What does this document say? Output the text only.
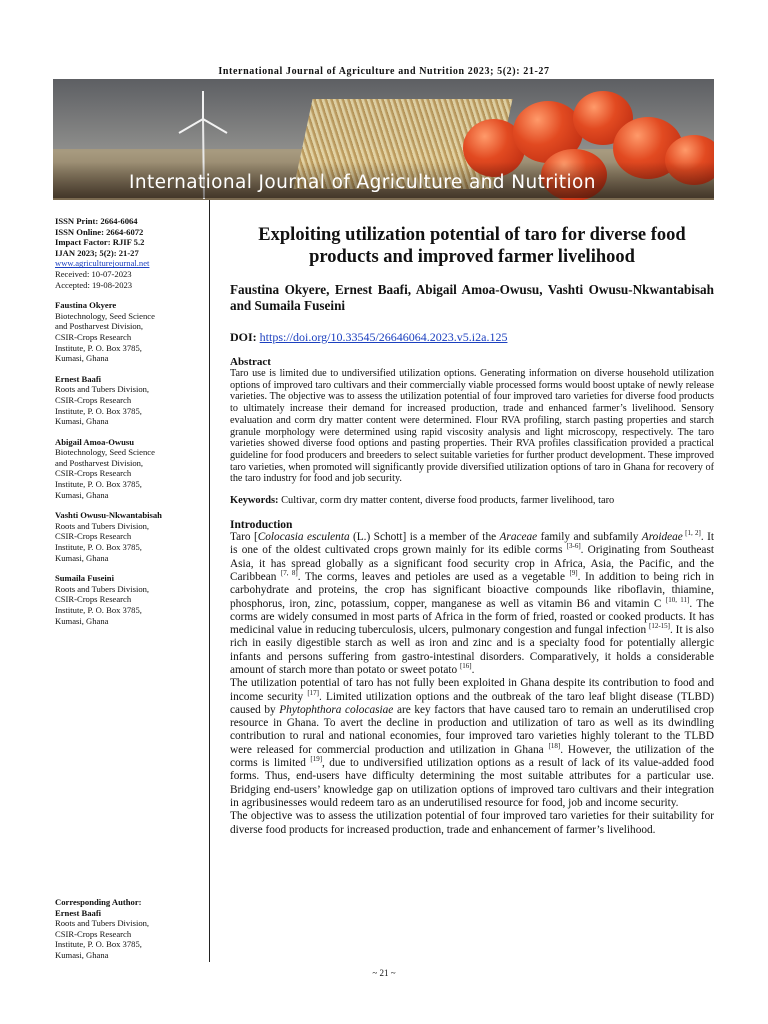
International Journal of Agriculture and Nutrition 2023; 5(2): 21-27
International Journal of Agriculture and Nutrition
ISSN Print: 2664-6064
ISSN Online: 2664-6072
Impact Factor: RJIF 5.2
IJAN 2023; 5(2): 21-27
www.agriculturejournal.net
Received: 10-07-2023
Accepted: 19-08-2023
Faustina Okyere
Biotechnology, Seed Science
and Postharvest Division,
CSIR-Crops Research
Institute, P. O. Box 3785,
Kumasi, Ghana
Ernest Baafi
Roots and Tubers Division,
CSIR-Crops Research
Institute, P. O. Box 3785,
Kumasi, Ghana
Abigail Amoa-Owusu
Biotechnology, Seed Science
and Postharvest Division,
CSIR-Crops Research
Institute, P. O. Box 3785,
Kumasi, Ghana
Vashti Owusu-Nkwantabisah
Roots and Tubers Division,
CSIR-Crops Research
Institute, P. O. Box 3785,
Kumasi, Ghana
Sumaila Fuseini
Roots and Tubers Division,
CSIR-Crops Research
Institute, P. O. Box 3785,
Kumasi, Ghana
Corresponding Author:
Ernest Baafi
Roots and Tubers Division,
CSIR-Crops Research
Institute, P. O. Box 3785,
Kumasi, Ghana
Exploiting utilization potential of taro for diverse food products and improved farmer livelihood
Faustina Okyere, Ernest Baafi, Abigail Amoa-Owusu, Vashti Owusu-Nkwantabisah and Sumaila Fuseini
DOI: https://doi.org/10.33545/26646064.2023.v5.i2a.125
Abstract
Taro use is limited due to undiversified utilization options. Generating information on diverse household utilization options of improved taro cultivars and their commercially viable processed forms would boost uptake of newly release varieties. The objective was to assess the utilization potential of four improved taro varieties for diverse food products to ultimately increase their demand for increased production, trade and enhanced farmer’s livelihood. Sensory evaluation and corm dry matter content were determined. Flour RVA profiling, starch pasting properties and starch granule morphology were determined using rapid viscosity analysis and light microscopy, respectively. The taro varieties showed diverse food options and pasting properties. Their RVA profiles classification provided a practical guideline for food producers and breeders to select suitable varieties for further product development. These improved taro varieties, when promoted will significantly provide diversified utilization options of taro in Ghana for recovery of the taro industry for food and job security.
Keywords: Cultivar, corm dry matter content, diverse food products, farmer livelihood, taro
Introduction

Taro [Colocasia esculenta (L.) Schott] is a member of the Araceae family and subfamily Aroideae [1, 2]. It is one of the oldest cultivated crops grown mainly for its edible corms [3-6]. Originating from Southeast Asia, it has spread globally as a significant food security crop in Africa, Asia, the Pacific, and the Caribbean [7, 8]. The corms, leaves and petioles are used as a vegetable [9]. In addition to being rich in carbohydrate and proteins, the crop has significant bioactive compounds like riboflavin, thiamine, phosphorus, iron, zinc, potassium, copper, manganese as well as vitamin B6 and vitamin C [10, 11]. The corms are widely consumed in most parts of Africa in the form of fried, roasted or cooked products. It has medicinal value in reducing tuberculosis, ulcers, pulmonary congestion and fungal infection [12-15]. It is also rich in easily digestible starch as well as iron and zinc and is a specialty food for potentially allergic infants and persons suffering from gastro-intestinal disorders. Comparatively, it holds a considerable amount of starch more than potato or sweet potato [16].

The utilization potential of taro has not fully been exploited in Ghana despite its contribution to food and income security [17]. Limited utilization options and the outbreak of the taro leaf blight disease (TLBD) caused by Phytophthora colocasiae are key factors that have caused taro to remain an underutilised crop resource in Ghana. To avert the decline in production and utilization of taro as well as its dwindling contribution to rural and national economies, four improved taro varieties highly tolerant to the TLBD were released for commercial production and utilization in Ghana [18]. However, the utilization of the corms is limited [19], due to undiversified utilization options as a result of lack of its value-added food forms. Thus, end-users have difficulty determining the most suitable attributes for a particular use. Bridging end-users’ knowledge gap on utilization options of improved taro cultivars and their integration in agribusinesses would redeem taro as an underutilised resource for food, job and income security.

The objective was to assess the utilization potential of four improved taro varieties for their suitability for diverse food products for increased production, trade and enhancement of farmer’s livelihood.

~ 21 ~
